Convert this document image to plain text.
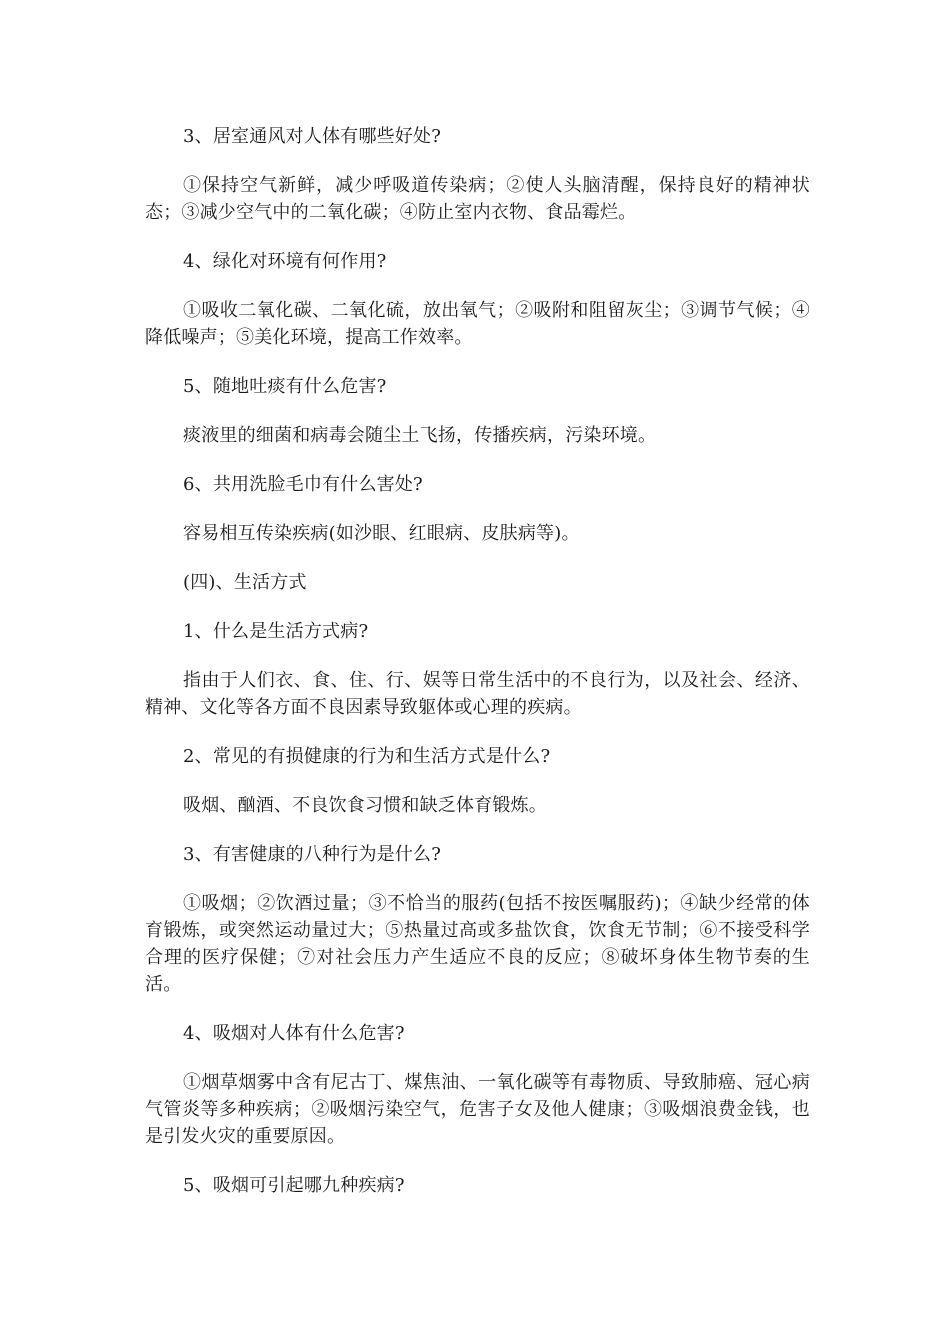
3、居室通风对人体有哪些好处?

①保持空气新鲜，减少呼吸道传染病；②使人头脑清醒，保持良好的精神状态；③减少空气中的二氧化碳；④防止室内衣物、食品霉烂。

4、绿化对环境有何作用?

①吸收二氧化碳、二氧化硫，放出氧气；②吸附和阻留灰尘；③调节气候；④降低噪声；⑤美化环境，提高工作效率。

5、随地吐痰有什么危害?

痰液里的细菌和病毒会随尘土飞扬，传播疾病，污染环境。

6、共用洗脸毛巾有什么害处?

容易相互传染疾病(如沙眼、红眼病、皮肤病等)。

(四)、生活方式

1、什么是生活方式病?

指由于人们衣、食、住、行、娱等日常生活中的不良行为，以及社会、经济、精神、文化等各方面不良因素导致躯体或心理的疾病。

2、常见的有损健康的行为和生活方式是什么?

吸烟、酗酒、不良饮食习惯和缺乏体育锻炼。

3、有害健康的八种行为是什么?

①吸烟；②饮酒过量；③不恰当的服药(包括不按医嘱服药)；④缺少经常的体育锻炼，或突然运动量过大；⑤热量过高或多盐饮食，饮食无节制；⑥不接受科学合理的医疗保健；⑦对社会压力产生适应不良的反应；⑧破坏身体生物节奏的生活。

4、吸烟对人体有什么危害?

①烟草烟雾中含有尼古丁、煤焦油、一氧化碳等有毒物质、导致肺癌、冠心病气管炎等多种疾病；②吸烟污染空气，危害子女及他人健康；③吸烟浪费金钱，也是引发火灾的重要原因。

5、吸烟可引起哪九种疾病?
